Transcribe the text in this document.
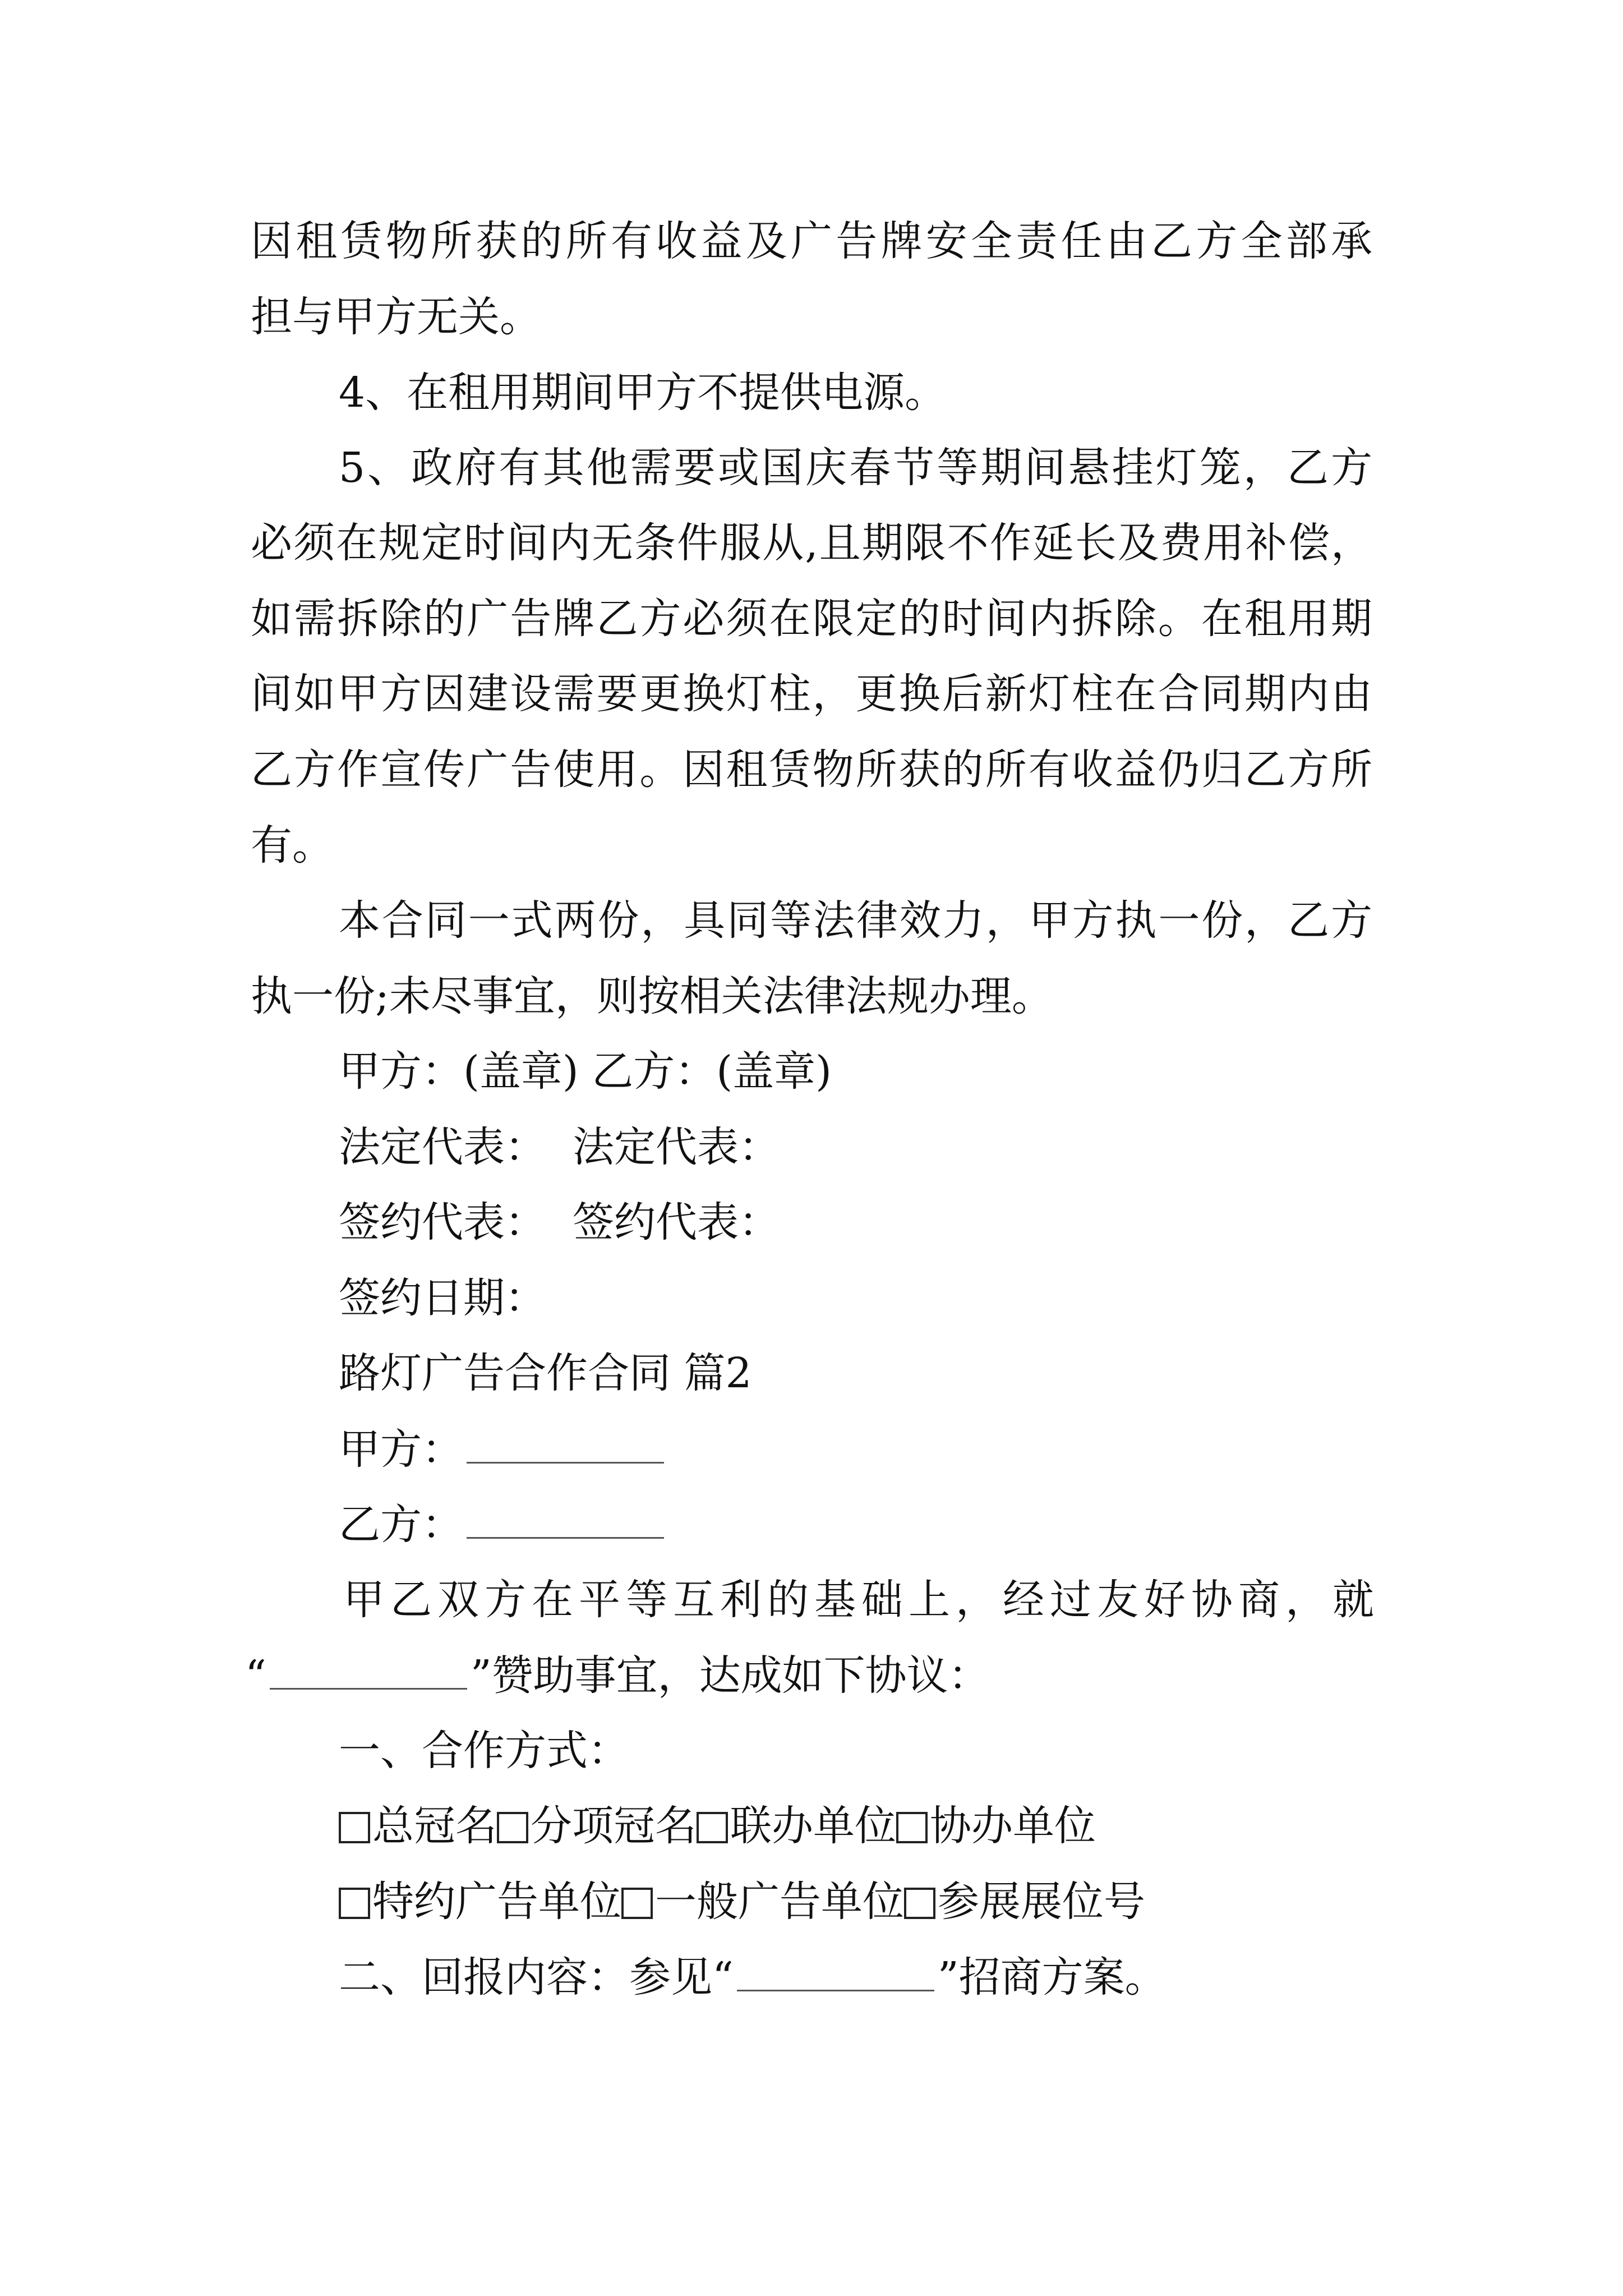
因租赁物所获的所有收益及广告牌安全责任由乙方全部承
担与甲方无关。
4、在租用期间甲方不提供电源。
5、政府有其他需要或国庆春节等期间悬挂灯笼，乙方
必须在规定时间内无条件服从,且期限不作延长及费用补偿，
如需拆除的广告牌乙方必须在限定的时间内拆除。在租用期
间如甲方因建设需要更换灯柱，更换后新灯柱在合同期内由
乙方作宣传广告使用。因租赁物所获的所有收益仍归乙方所
有。
本合同一式两份，具同等法律效力，甲方执一份，乙方
执一份;未尽事宜，则按相关法律法规办理。
甲方：(盖章) 乙方：(盖章)
法定代表：  法定代表：
签约代表：  签约代表：
签约日期：
路灯广告合作合同 篇2
甲方：
乙方：
甲乙双方在平等互利的基础上，经过友好协商，就
“	”赞助事宜，达成如下协议：
一、合作方式：
总冠名 分项冠名 联办单位 协办单位
特约广告单位 一般广告单位 参展展位号
二、回报内容：参见“	”招商方案。
